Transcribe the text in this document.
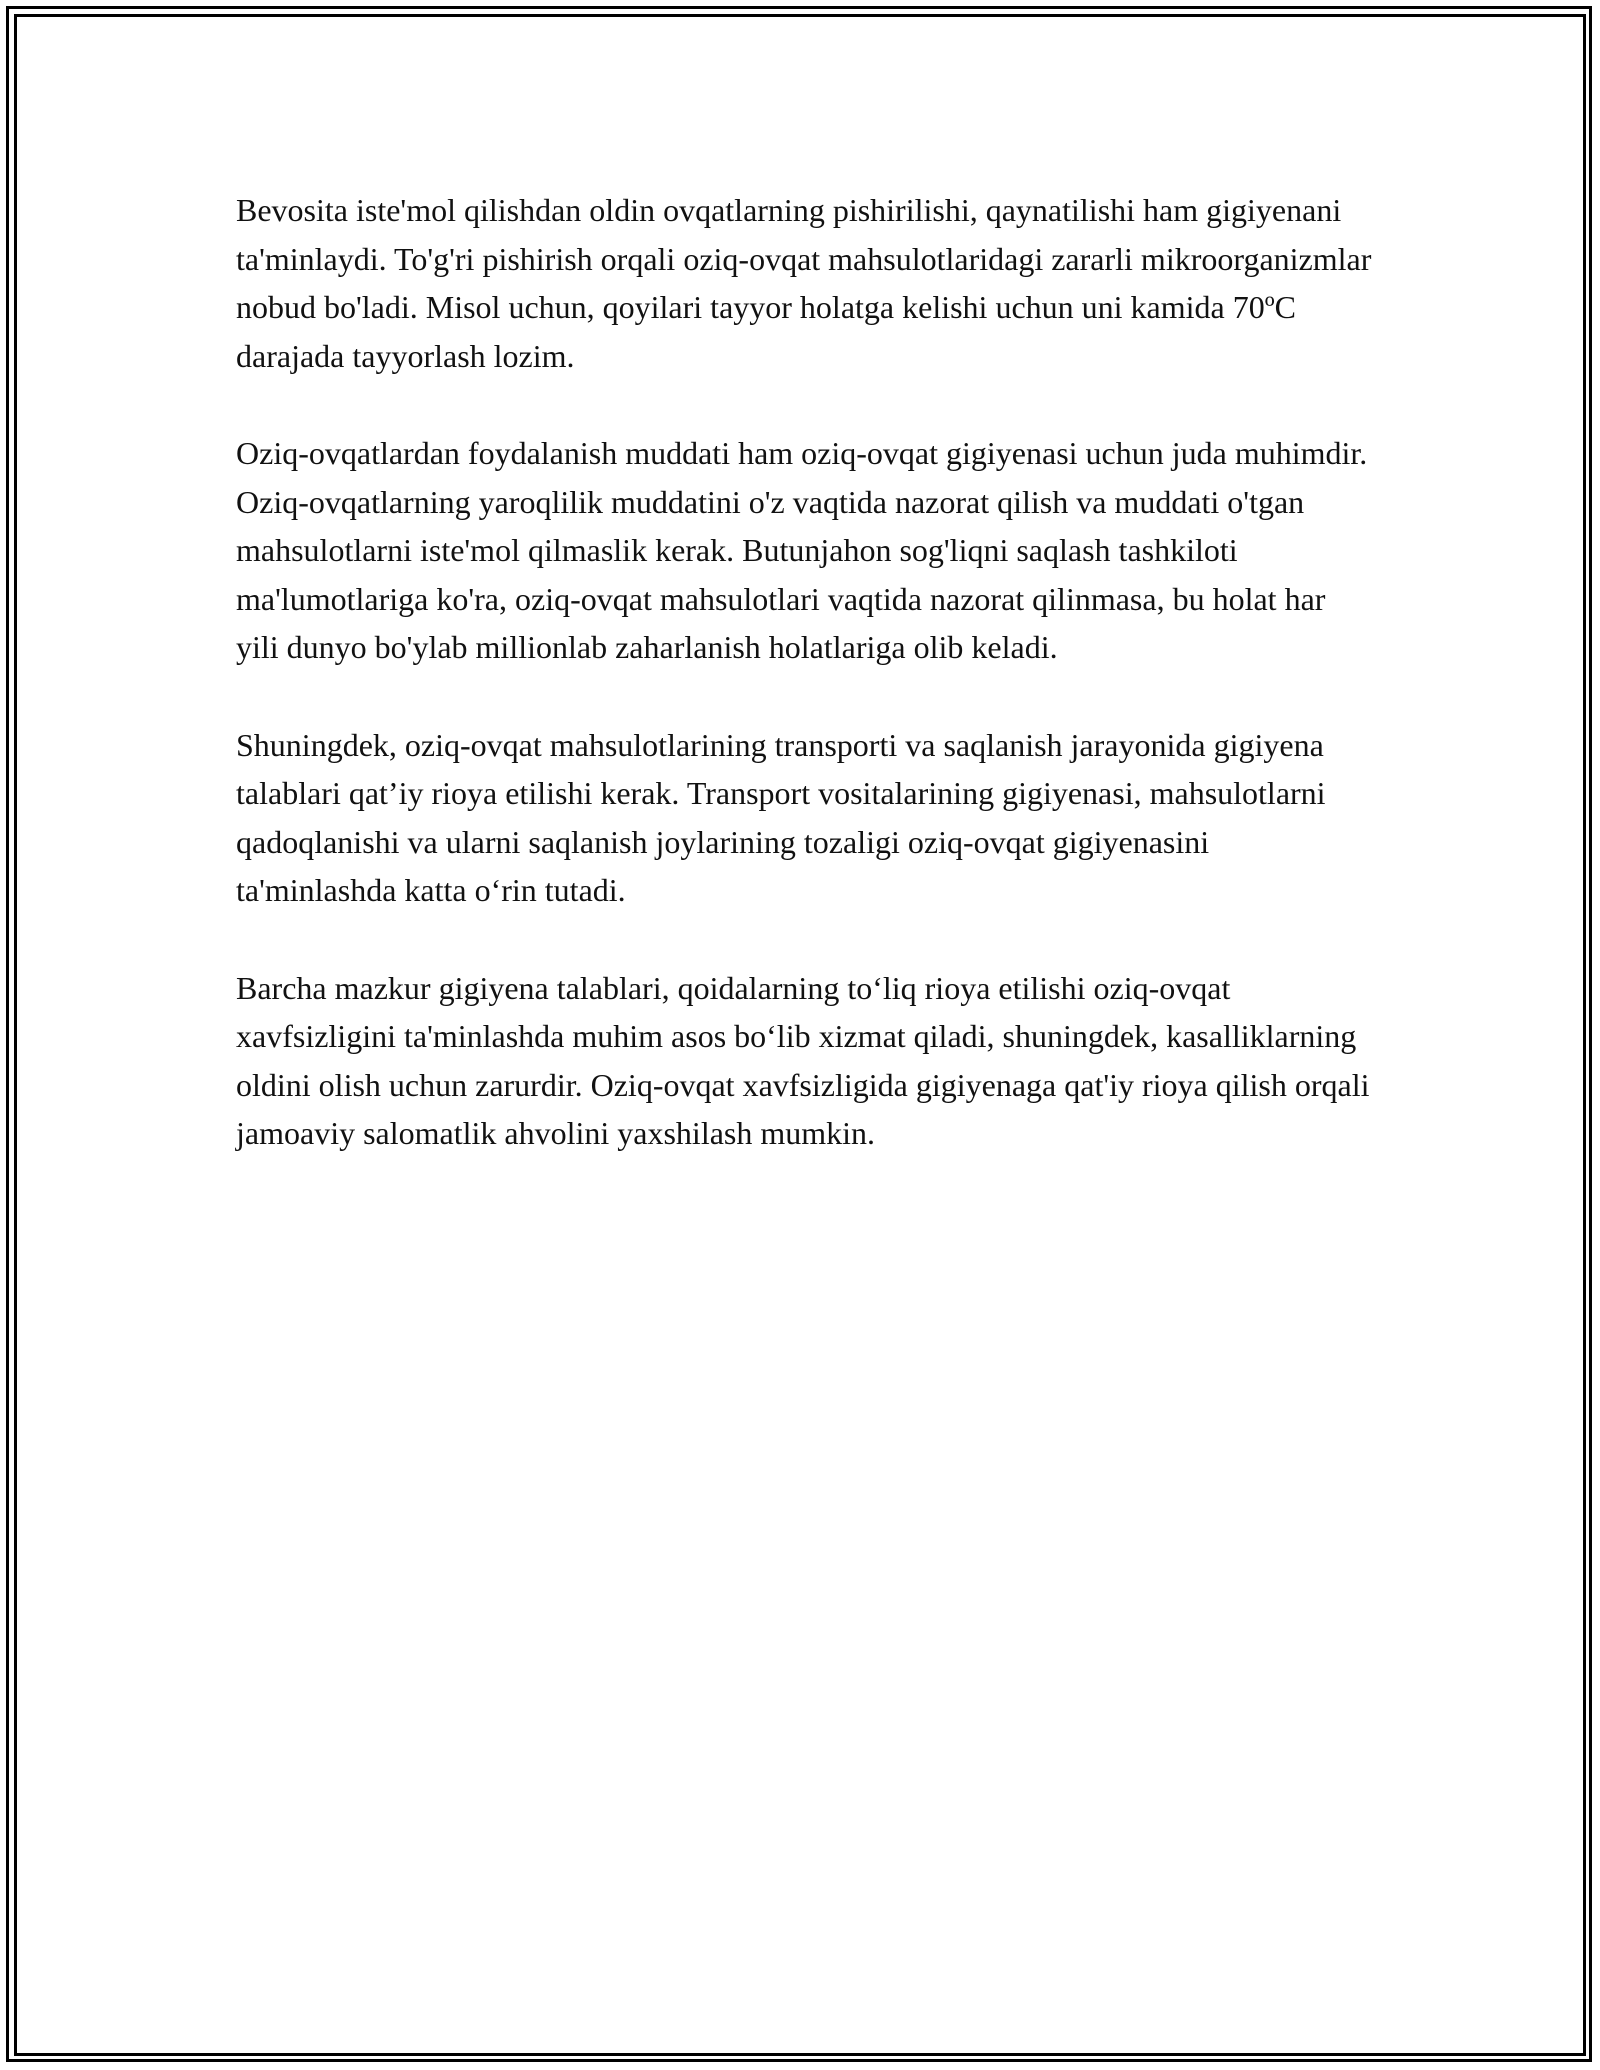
Bevosita iste'mol qilishdan oldin ovqatlarning pishirilishi, qaynatilishi ham gigiyenani ta'minlaydi. To'g'ri pishirish orqali oziq-ovqat mahsulotlaridagi zararli mikroorganizmlar nobud bo'ladi. Misol uchun, qoyilari tayyor holatga kelishi uchun uni kamida 70ºC darajada tayyorlash lozim.

Oziq-ovqatlardan foydalanish muddati ham oziq-ovqat gigiyenasi uchun juda muhimdir. Oziq-ovqatlarning yaroqlilik muddatini o'z vaqtida nazorat qilish va muddati o'tgan mahsulotlarni iste'mol qilmaslik kerak. Butunjahon sog'liqni saqlash tashkiloti ma'lumotlariga ko'ra, oziq-ovqat mahsulotlari vaqtida nazorat qilinmasa, bu holat har yili dunyo bo'ylab millionlab zaharlanish holatlariga olib keladi.

Shuningdek, oziq-ovqat mahsulotlarining transporti va saqlanish jarayonida gigiyena talablari qat’iy rioya etilishi kerak. Transport vositalarining gigiyenasi, mahsulotlarni qadoqlanishi va ularni saqlanish joylarining tozaligi oziq-ovqat gigiyenasini ta'minlashda katta o‘rin tutadi.

Barcha mazkur gigiyena talablari, qoidalarning to‘liq rioya etilishi oziq-ovqat xavfsizligini ta'minlashda muhim asos bo‘lib xizmat qiladi, shuningdek, kasalliklarning oldini olish uchun zarurdir. Oziq-ovqat xavfsizligida gigiyenaga qat'iy rioya qilish orqali jamoaviy salomatlik ahvolini yaxshilash mumkin.
